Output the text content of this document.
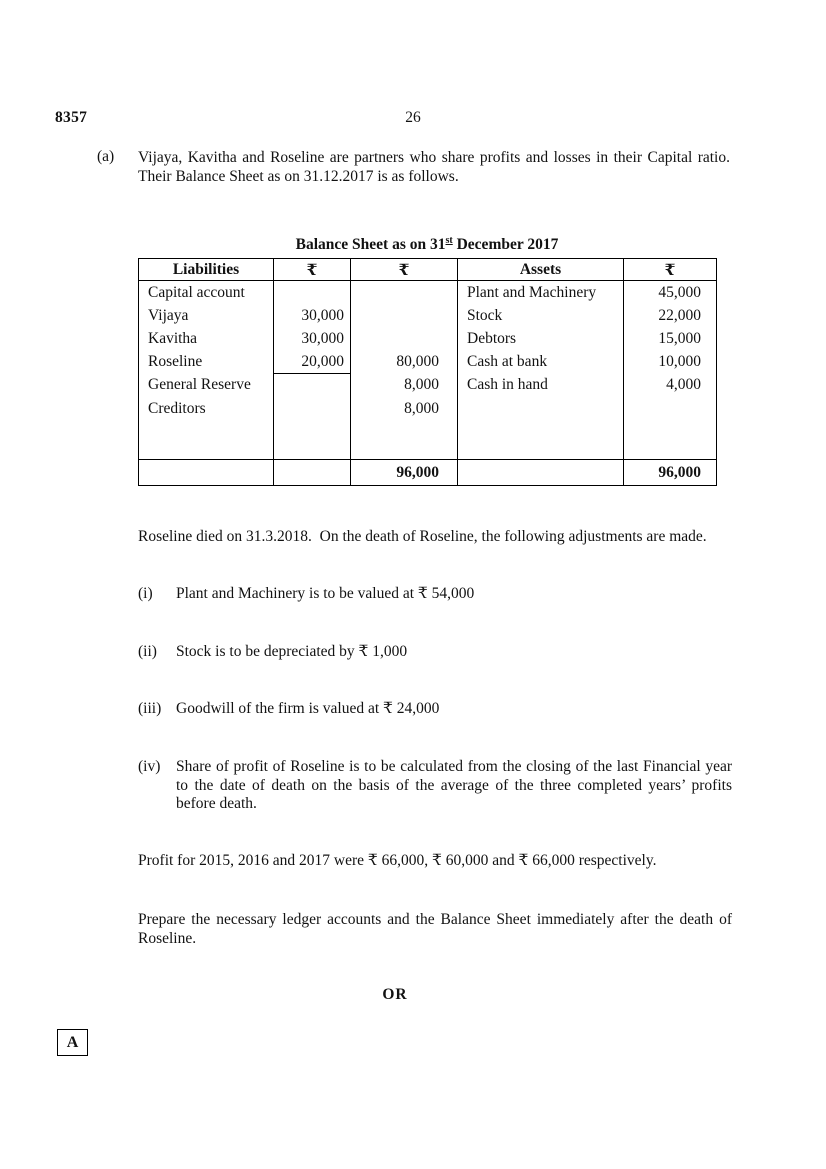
8357	26
(a)	Vijaya, Kavitha and Roseline are partners who share profits and losses in their Capital ratio.  Their Balance Sheet as on 31.12.2017 is as follows.
Balance Sheet as on 31st December 2017
Liabilities	₹	₹	Assets	₹
Capital account			Plant and Machinery	45,000
Vijaya	30,000		Stock	22,000
Kavitha	30,000		Debtors	15,000
Roseline	20,000	80,000	Cash at bank	10,000
General Reserve		8,000	Cash in hand	4,000
Creditors		8,000		

		96,000		96,000
Roseline died on 31.3.2018.  On the death of Roseline, the following adjustments are made.
(i)	Plant and Machinery is to be valued at ₹ 54,000
(ii)	Stock is to be depreciated by ₹ 1,000
(iii) Goodwill of the firm is valued at ₹ 24,000
(iv)	Share of profit of Roseline is to be calculated from the closing of the last Financial year to the date of death on the basis of the average of the three completed years’ profits before death.
Profit for 2015, 2016 and 2017 were ₹ 66,000, ₹ 60,000 and ₹ 66,000 respectively.
Prepare the necessary ledger accounts and the Balance Sheet immediately after the death of Roseline.
OR
A
